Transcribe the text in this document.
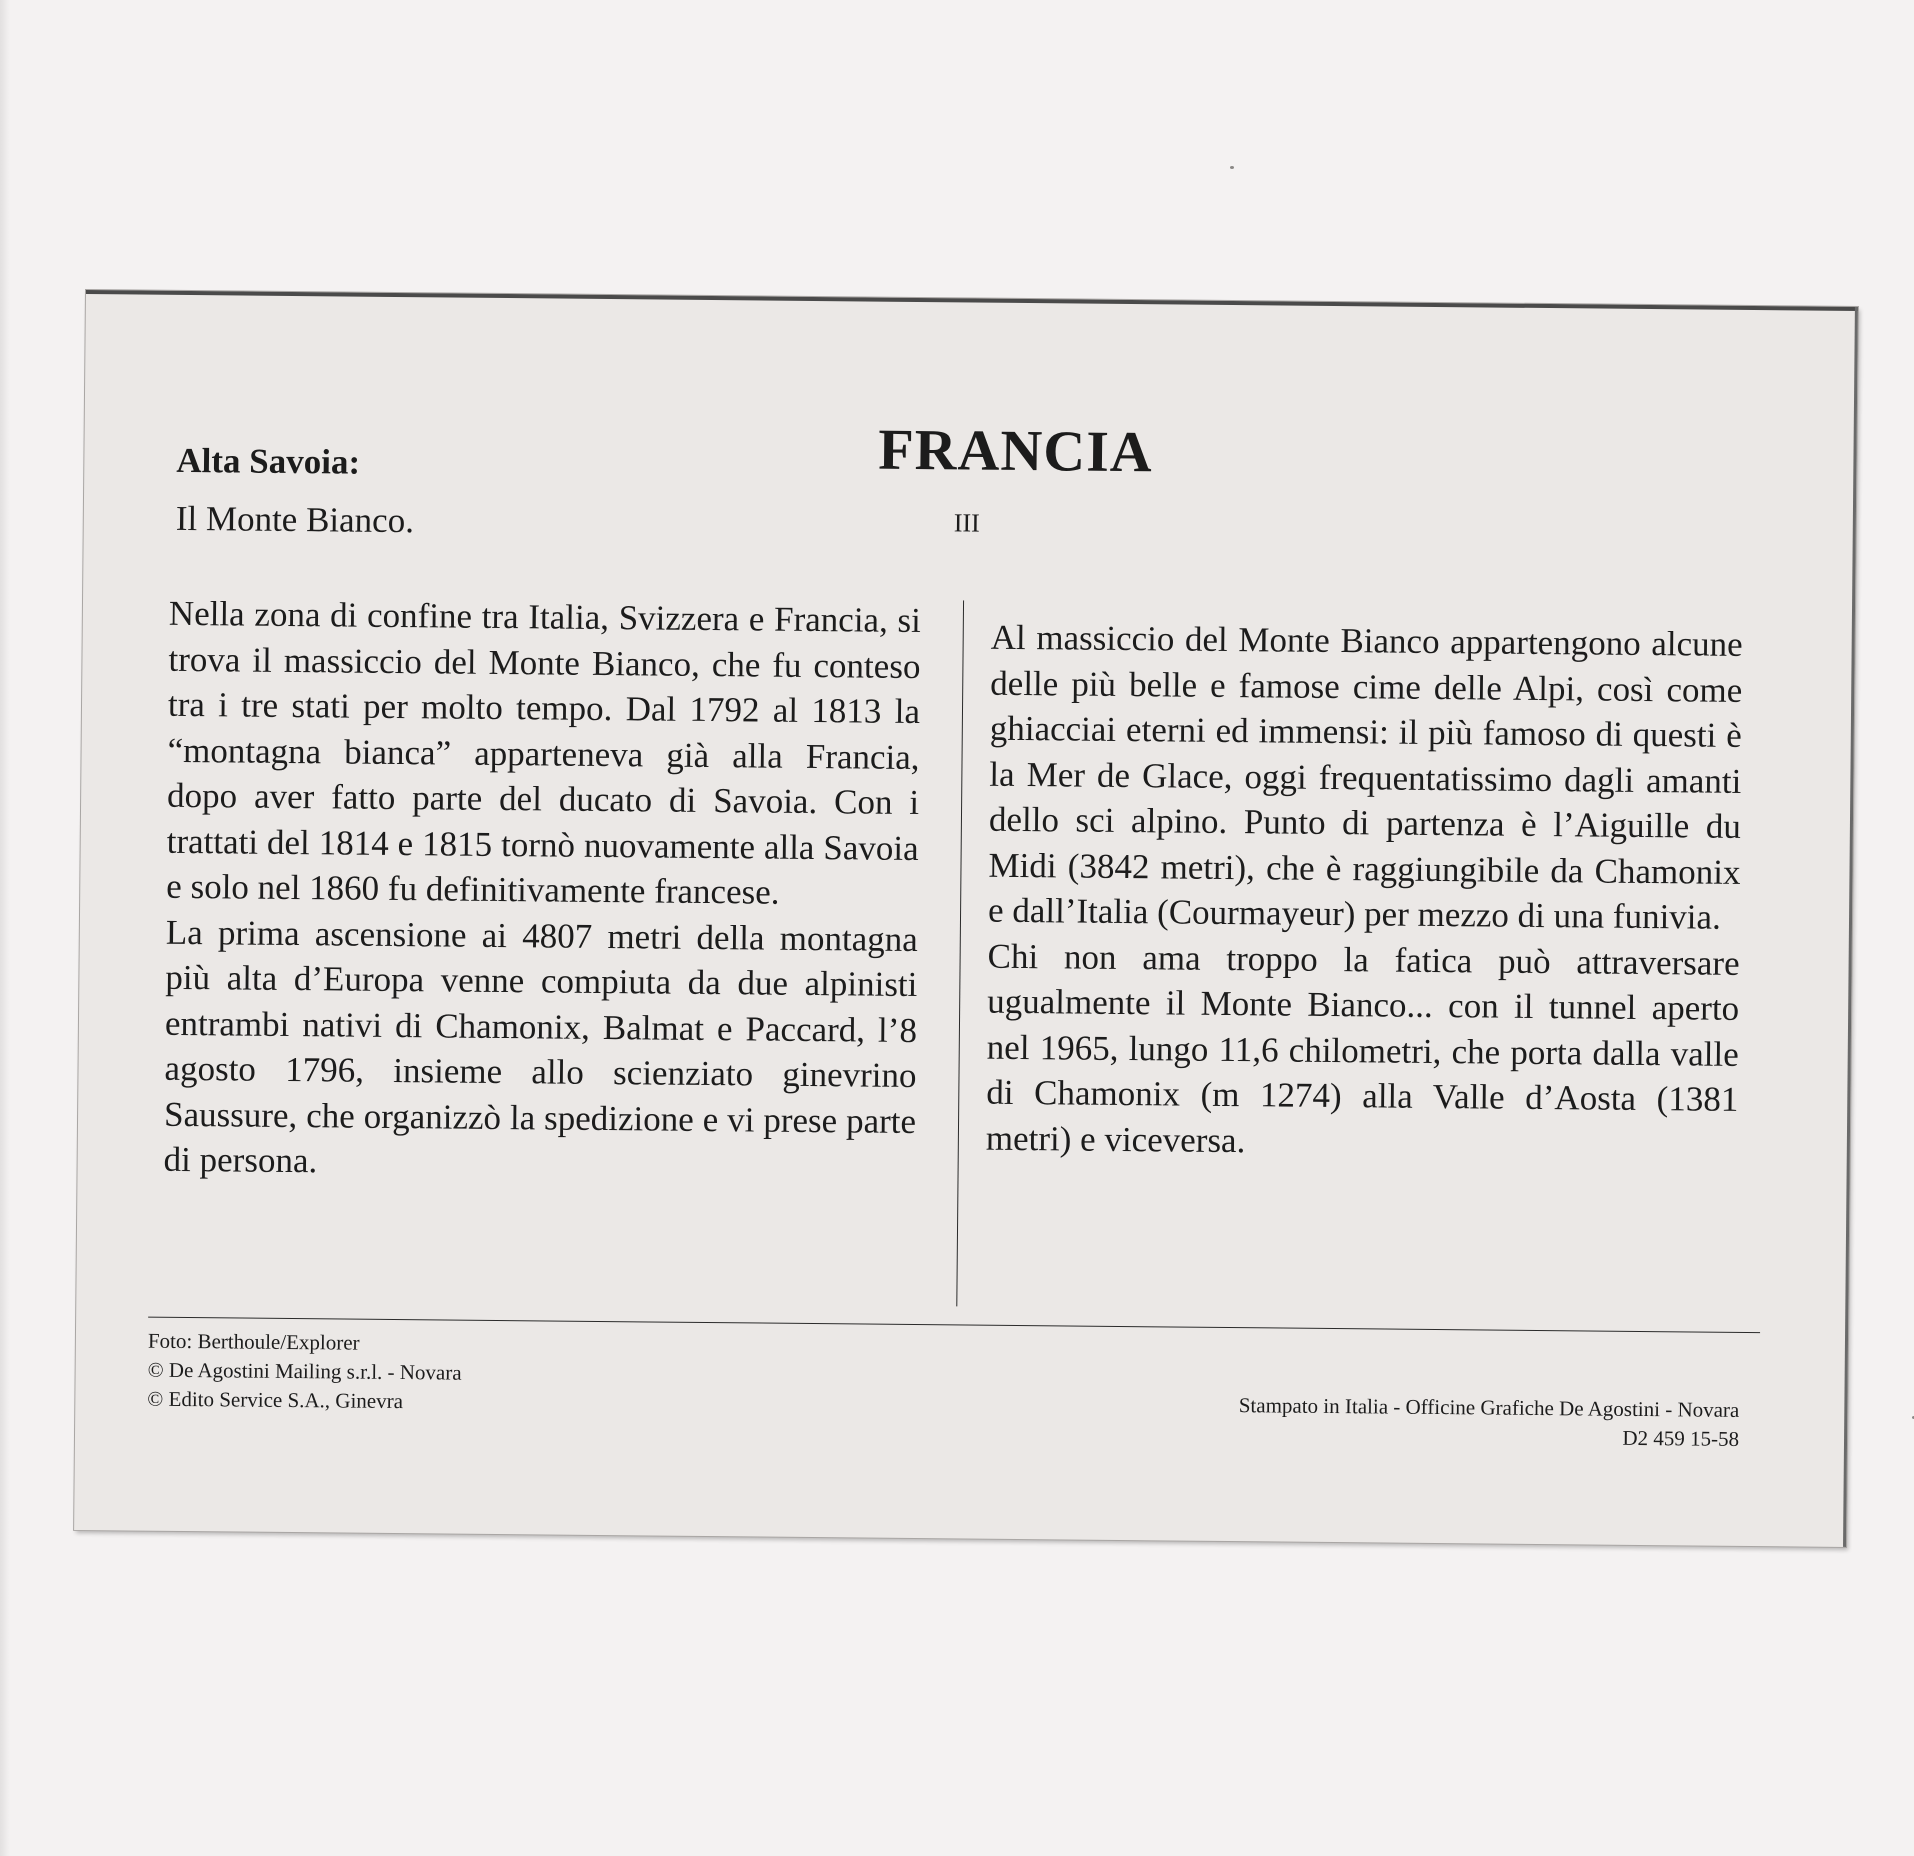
Alta Savoia:	FRANCIA
Il Monte Bianco.	III

Nella zona di confine tra Italia, Svizzera e Francia, si trova il massiccio del Monte Bianco, che fu conteso tra i tre stati per molto tempo. Dal 1792 al 1813 la “montagna bianca” apparteneva già alla Francia, dopo aver fatto parte del ducato di Savoia. Con i trattati del 1814 e 1815 tornò nuovamente alla Savoia e solo nel 1860 fu definitivamente francese.

La prima ascensione ai 4807 metri della montagna più alta d’Europa venne compiuta da due alpinisti entrambi nativi di Chamonix, Balmat e Paccard, l’8 agosto 1796, insieme allo scienziato ginevrino Saussure, che organizzò la spedizione e vi prese parte di persona.

Al massiccio del Monte Bianco appartengono alcune delle più belle e famose cime delle Alpi, così come ghiacciai eterni ed immensi: il più famoso di questi è la Mer de Glace, oggi frequentatissimo dagli amanti dello sci alpino. Punto di partenza è l’Aiguille du Midi (3842 metri), che è raggiungibile da Chamonix e dall’Italia (Courmayeur) per mezzo di una funivia.

Chi non ama troppo la fatica può attraversare ugualmente il Monte Bianco... con il tunnel aperto nel 1965, lungo 11,6 chilometri, che porta dalla valle di Chamonix (m 1274) alla Valle d’Aosta (1381 metri) e viceversa.

Foto: Berthoule/Explorer
© De Agostini Mailing s.r.l. - Novara
© Edito Service S.A., Ginevra	Stampato in Italia - Officine Grafiche De Agostini - Novara
D2 459 15-58
